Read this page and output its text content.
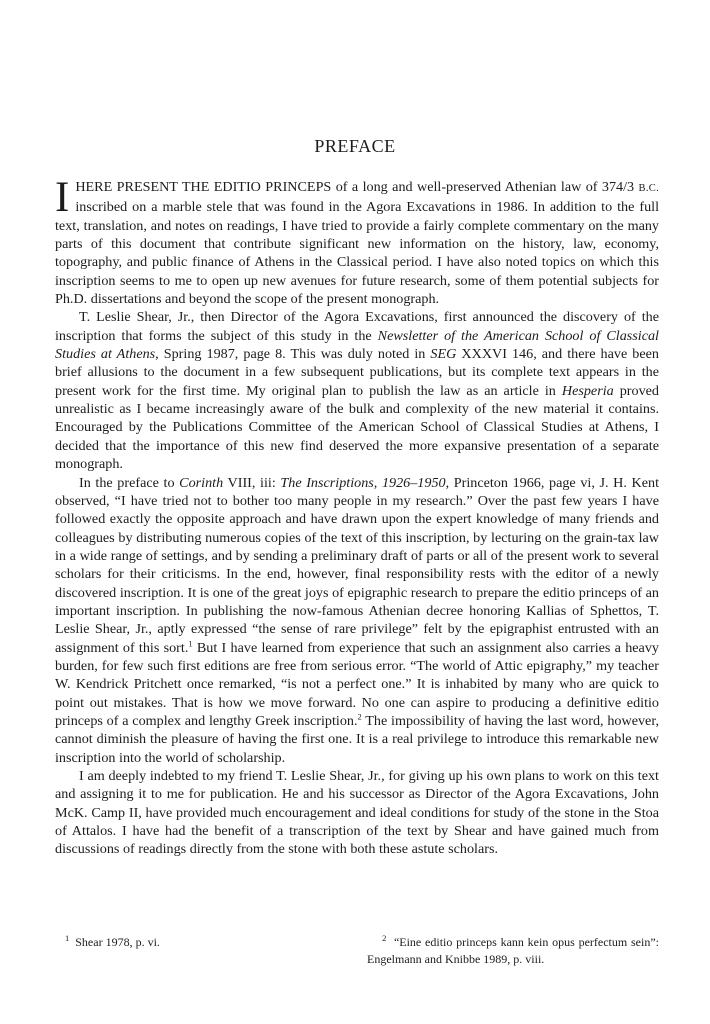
PREFACE

IHERE PRESENT THE EDITIO PRINCEPS of a long and well-preserved Athenian law of 374/3 B.C. inscribed on a marble stele that was found in the Agora Excavations in 1986. In addition to the full text, translation, and notes on readings, I have tried to provide a fairly complete commentary on the many parts of this document that contribute significant new information on the history, law, economy, topography, and public finance of Athens in the Classical period. I have also noted topics on which this inscription seems to me to open up new avenues for future research, some of them potential subjects for Ph.D. dissertations and beyond the scope of the present monograph.

T. Leslie Shear, Jr., then Director of the Agora Excavations, first announced the discovery of the inscription that forms the subject of this study in the Newsletter of the American School of Classical Studies at Athens, Spring 1987, page 8. This was duly noted in SEG XXXVI 146, and there have been brief allusions to the document in a few subsequent publications, but its complete text appears in the present work for the first time. My original plan to publish the law as an article in Hesperia proved unrealistic as I became increasingly aware of the bulk and complexity of the new material it contains. Encouraged by the Publications Committee of the American School of Classical Studies at Athens, I decided that the importance of this new find deserved the more expansive presentation of a separate monograph.

In the preface to Corinth VIII, iii: The Inscriptions, 1926–1950, Princeton 1966, page vi, J. H. Kent observed, “I have tried not to bother too many people in my research.” Over the past few years I have followed exactly the opposite approach and have drawn upon the expert knowledge of many friends and colleagues by distributing numerous copies of the text of this inscription, by lecturing on the grain-tax law in a wide range of settings, and by sending a preliminary draft of parts or all of the present work to several scholars for their criticisms. In the end, however, final responsibility rests with the editor of a newly discovered inscription. It is one of the great joys of epigraphic research to prepare the editio princeps of an important inscription. In publishing the now-famous Athenian decree honoring Kallias of Sphettos, T. Leslie Shear, Jr., aptly expressed “the sense of rare privilege” felt by the epigraphist entrusted with an assignment of this sort.$^1$ But I have learned from experience that such an assignment also carries a heavy burden, for few such first editions are free from serious error. “The world of Attic epigraphy,” my teacher W. Kendrick Pritchett once remarked, “is not a perfect one.” It is inhabited by many who are quick to point out mistakes. That is how we move forward. No one can aspire to producing a definitive editio princeps of a complex and lengthy Greek inscription.$^2$ The impossibility of having the last word, however, cannot diminish the pleasure of having the first one. It is a real privilege to introduce this remarkable new inscription into the world of scholarship.

I am deeply indebted to my friend T. Leslie Shear, Jr., for giving up his own plans to work on this text and assigning it to me for publication. He and his successor as Director of the Agora Excavations, John McK. Camp II, have provided much encouragement and ideal conditions for study of the stone in the Stoa of Attalos. I have had the benefit of a transcription of the text by Shear and have gained much from discussions of readings directly from the stone with both these astute scholars.

$^1$ Shear 1978, p. vi.	$^2$ “Eine editio princeps kann kein opus perfectum sein”: Engelmann and Knibbe 1989, p. viii.
